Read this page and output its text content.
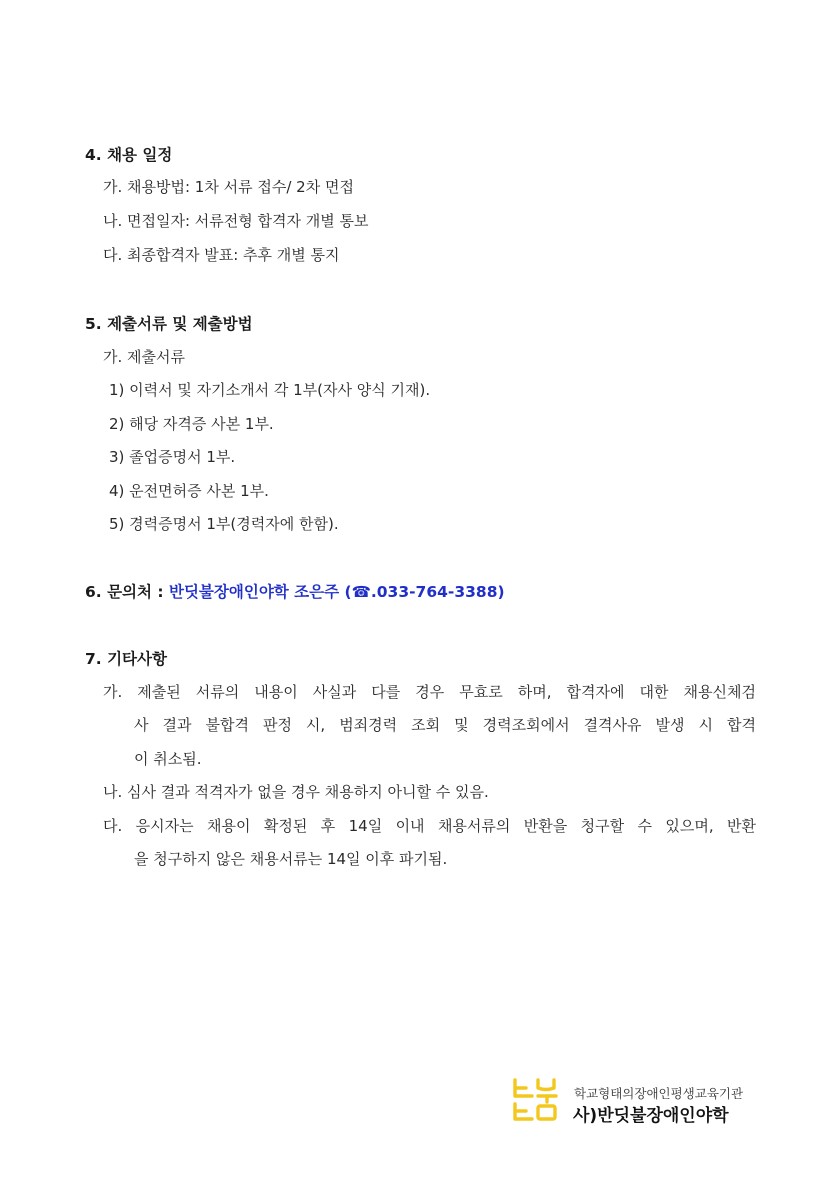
4. 채용 일정
가. 채용방법: 1차 서류 접수/ 2차 면접
나. 면접일자: 서류전형 합격자 개별 통보
다. 최종합격자 발표: 추후 개별 통지
5. 제출서류 및 제출방법
가. 제출서류
1) 이력서 및 자기소개서 각 1부(자사 양식 기재).
2) 해당 자격증 사본 1부.
3) 졸업증명서 1부.
4) 운전면허증 사본 1부.
5) 경력증명서 1부(경력자에 한함).
6. 문의처 : 반딧불장애인야학 조은주 (☎.033-764-3388)
7. 기타사항
가. 제출된 서류의 내용이 사실과 다를 경우 무효로 하며, 합격자에 대한 채용신체검
사 결과 불합격 판정 시, 범죄경력 조회 및 경력조회에서 결격사유 발생 시 합격
이 취소됨.
나. 심사 결과 적격자가 없을 경우 채용하지 아니할 수 있음.
다. 응시자는 채용이 확정된 후 14일 이내 채용서류의 반환을 청구할 수 있으며, 반환
을 청구하지 않은 채용서류는 14일 이후 파기됨.
학교형태의장애인평생교육기관
사)반딧불장애인야학
